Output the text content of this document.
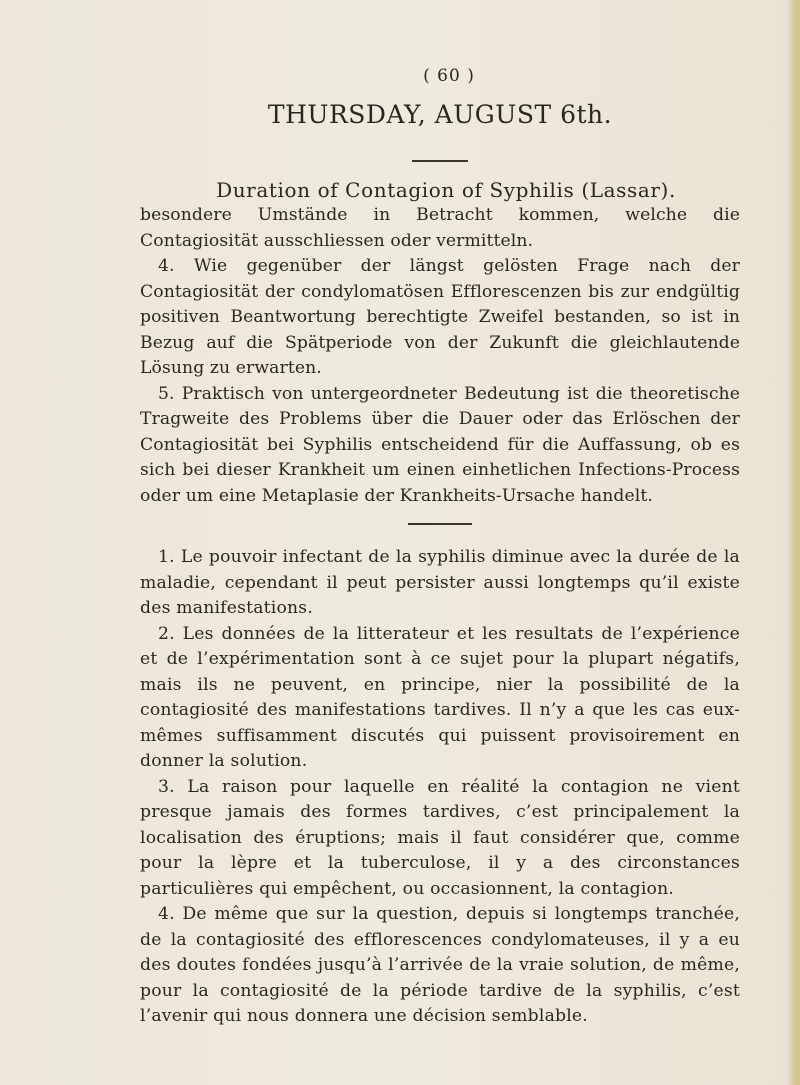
( 60 )
THURSDAY, AUGUST 6th.
Duration of Contagion of Syphilis (Lassar).

besondere Umstände in Betracht kommen, welche die Contagiosität ausschliessen oder vermitteln.

4. Wie gegenüber der längst gelösten Frage nach der Contagiosität der condylomatösen Efflorescenzen bis zur endgültig positiven Beantwortung berechtigte Zweifel bestanden, so ist in Bezug auf die Spätperiode von der Zukunft die gleichlautende Lösung zu erwarten.

5. Praktisch von untergeordneter Bedeutung ist die theoretische Tragweite des Problems über die Dauer oder das Erlöschen der Contagiosität bei Syphilis entscheidend für die Auffassung, ob es sich bei dieser Krankheit um einen einhetlichen Infections-Process oder um eine Metaplasie der Krankheits-Ursache handelt.

1. Le pouvoir infectant de la syphilis diminue avec la durée de la maladie, cependant il peut persister aussi longtemps qu’il existe des manifestations.

2. Les données de la litterateur et les resultats de l’expérience et de l’expérimentation sont à ce sujet pour la plupart négatifs, mais ils ne peuvent, en principe, nier la possibilité de la contagiosité des manifestations tardives. Il n’y a que les cas eux-mêmes suffisamment discutés qui puissent provisoirement en donner la solution.

3. La raison pour laquelle en réalité la contagion ne vient presque jamais des formes tardives, c’est principalement la localisation des éruptions; mais il faut considérer que, comme pour la lèpre et la tuberculose, il y a des circonstances particulières qui empêchent, ou occasionnent, la contagion.

4. De même que sur la question, depuis si longtemps tranchée, de la contagiosité des efflorescences condylomateuses, il y a eu des doutes fondées jusqu’à l’arrivée de la vraie solution, de même, pour la contagiosité de la période tardive de la syphilis, c’est l’avenir qui nous donnera une décision semblable.
